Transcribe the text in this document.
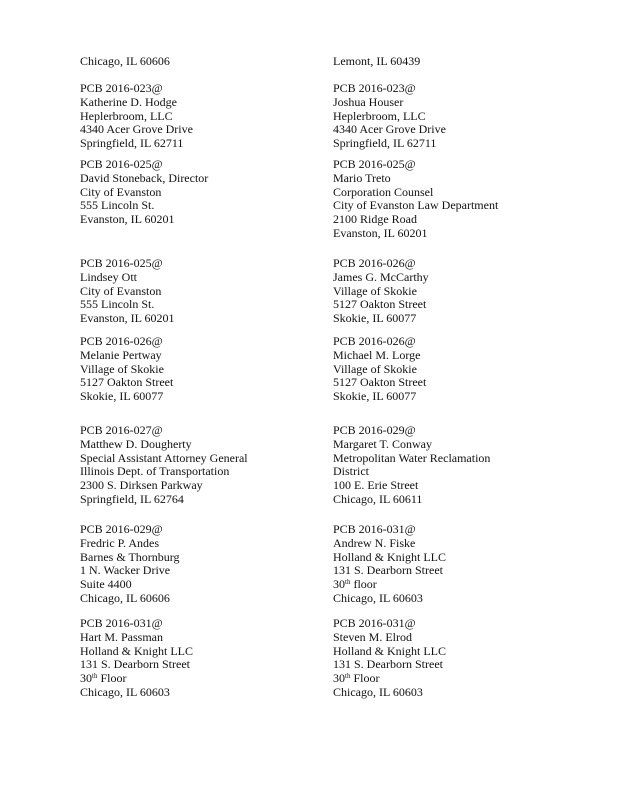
Chicago, IL 60606
PCB 2016-023@
Katherine D. Hodge
Heplerbroom, LLC
4340 Acer Grove Drive
Springfield, IL 62711
PCB 2016-025@
David Stoneback, Director
City of Evanston
555 Lincoln St.
Evanston, IL 60201
PCB 2016-025@
Lindsey Ott
City of Evanston
555 Lincoln St.
Evanston, IL 60201
PCB 2016-026@
Melanie Pertway
Village of Skokie
5127 Oakton Street
Skokie, IL 60077
PCB 2016-027@
Matthew D. Dougherty
Special Assistant Attorney General
Illinois Dept. of Transportation
2300 S. Dirksen Parkway
Springfield, IL 62764
PCB 2016-029@
Fredric P. Andes
Barnes & Thornburg
1 N. Wacker Drive
Suite 4400
Chicago, IL 60606
PCB 2016-031@
Hart M. Passman
Holland & Knight LLC
131 S. Dearborn Street
30th Floor
Chicago, IL 60603
Lemont, IL 60439
PCB 2016-023@
Joshua Houser
Heplerbroom, LLC
4340 Acer Grove Drive
Springfield, IL 62711
PCB 2016-025@
Mario Treto
Corporation Counsel
City of Evanston Law Department
2100 Ridge Road
Evanston, IL 60201
PCB 2016-026@
James G. McCarthy
Village of Skokie
5127 Oakton Street
Skokie, IL 60077
PCB 2016-026@
Michael M. Lorge
Village of Skokie
5127 Oakton Street
Skokie, IL 60077
PCB 2016-029@
Margaret T. Conway
Metropolitan Water Reclamation
District
100 E. Erie Street
Chicago, IL 60611
PCB 2016-031@
Andrew N. Fiske
Holland & Knight LLC
131 S. Dearborn Street
30th floor
Chicago, IL 60603
PCB 2016-031@
Steven M. Elrod
Holland & Knight LLC
131 S. Dearborn Street
30th Floor
Chicago, IL 60603
